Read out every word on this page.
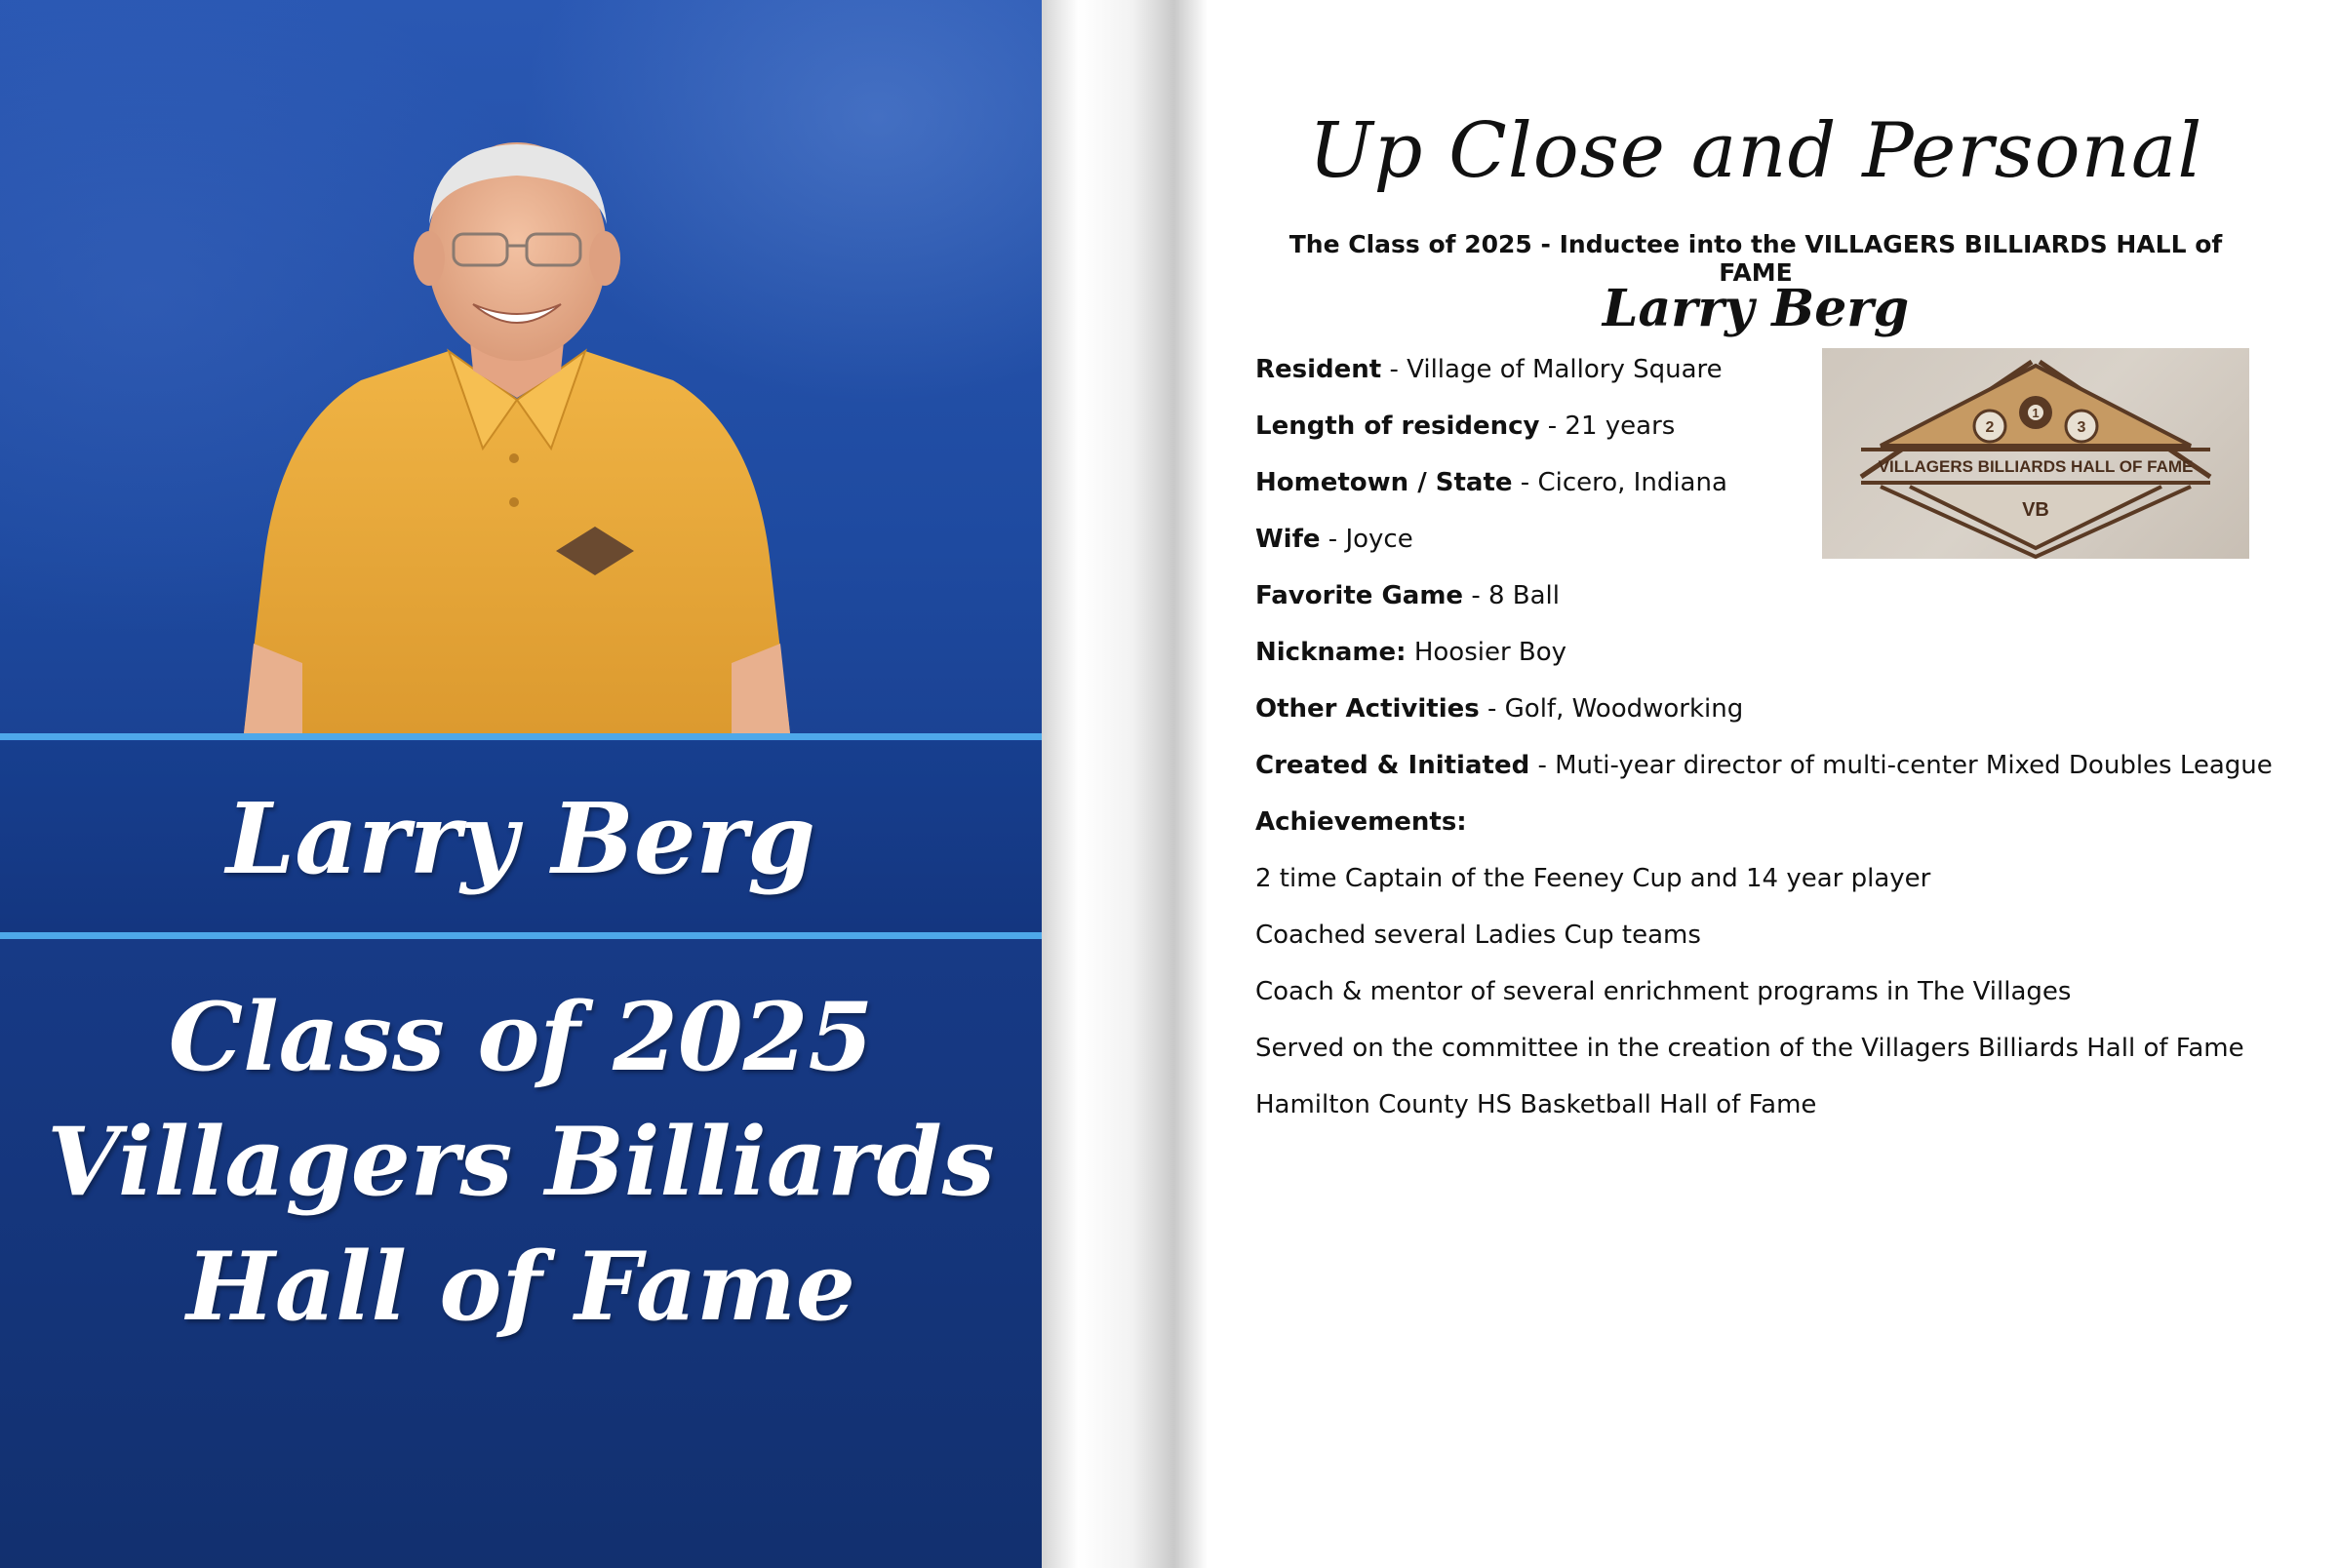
Larry Berg
Class of 2025
Villagers Billiards
Hall of Fame
Up Close and Personal
The Class of 2025 - Inductee into the VILLAGERS BILLIARDS HALL of FAME
Larry Berg
Resident - Village of Mallory Square
Length of residency - 21 years
Hometown / State - Cicero, Indiana
Wife - Joyce
Favorite Game - 8 Ball
Nickname: Hoosier Boy
Other Activities - Golf, Woodworking
Created & Initiated - Muti-year director of multi-center Mixed Doubles League
Achievements:
2 time Captain of the Feeney Cup and 14 year player
Coached several Ladies Cup teams
Coach & mentor of several enrichment programs in The Villages
Served on the committee in the creation of the Villagers Billiards Hall of Fame
Hamilton County HS Basketball Hall of Fame
2
1
3
VILLAGERS BILLIARDS HALL OF FAME
VB
